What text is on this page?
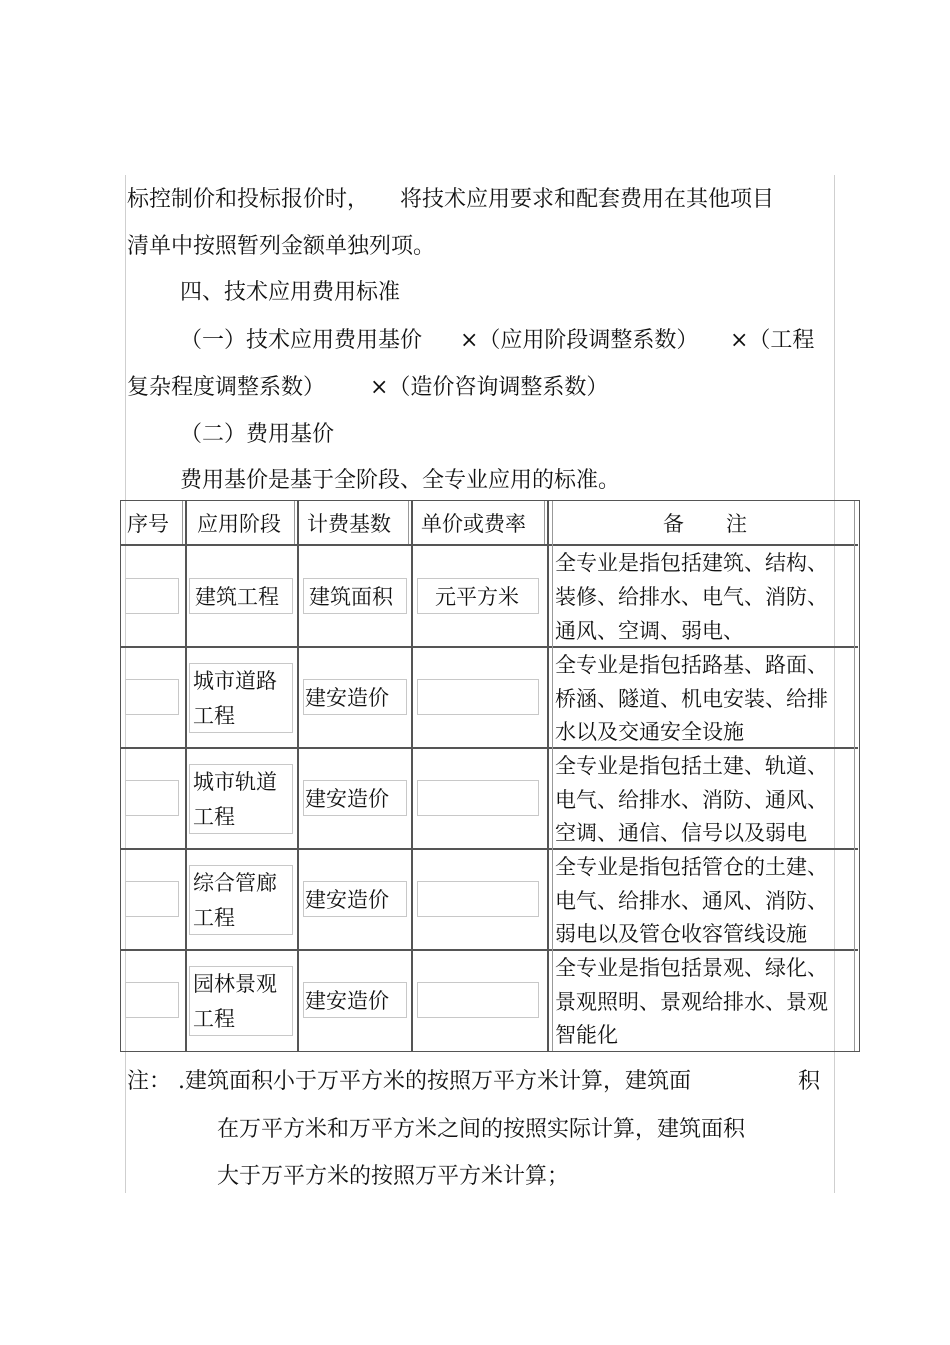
标控制价和投标报价时， 将技术应用要求和配套费用在其他项目
清单中按照暂列金额单独列项。
四、技术应用费用标准
（一）技术应用费用基价 ×（应用阶段调整系数） ×（工程
复杂程度调整系数） ×（造价咨询调整系数）
（二）费用基价
费用基价是基于全阶段、全专业应用的标准。
序号 应用阶段 计费基数 单价或费率	备　　注
建筑工程 建筑面积 元平方米
全专业是指包括建筑、结构、
装修、给排水、电气、消防、
通风、空调、弱电、
城市道路
工程
建安造价
全专业是指包括路基、路面、
桥涵、隧道、机电安装、给排
水以及交通安全设施
城市轨道
工程
建安造价
全专业是指包括土建、轨道、
电气、给排水、消防、通风、
空调、通信、信号以及弱电
综合管廊
工程
建安造价
全专业是指包括管仓的土建、
电气、给排水、通风、消防、
弱电以及管仓收容管线设施
园林景观
工程
建安造价
全专业是指包括景观、绿化、
景观照明、景观给排水、景观
智能化
注： .建筑面积小于万平方米的按照万平方米计算，建筑面	积
在万平方米和万平方米之间的按照实际计算，建筑面积
大于万平方米的按照万平方米计算；
